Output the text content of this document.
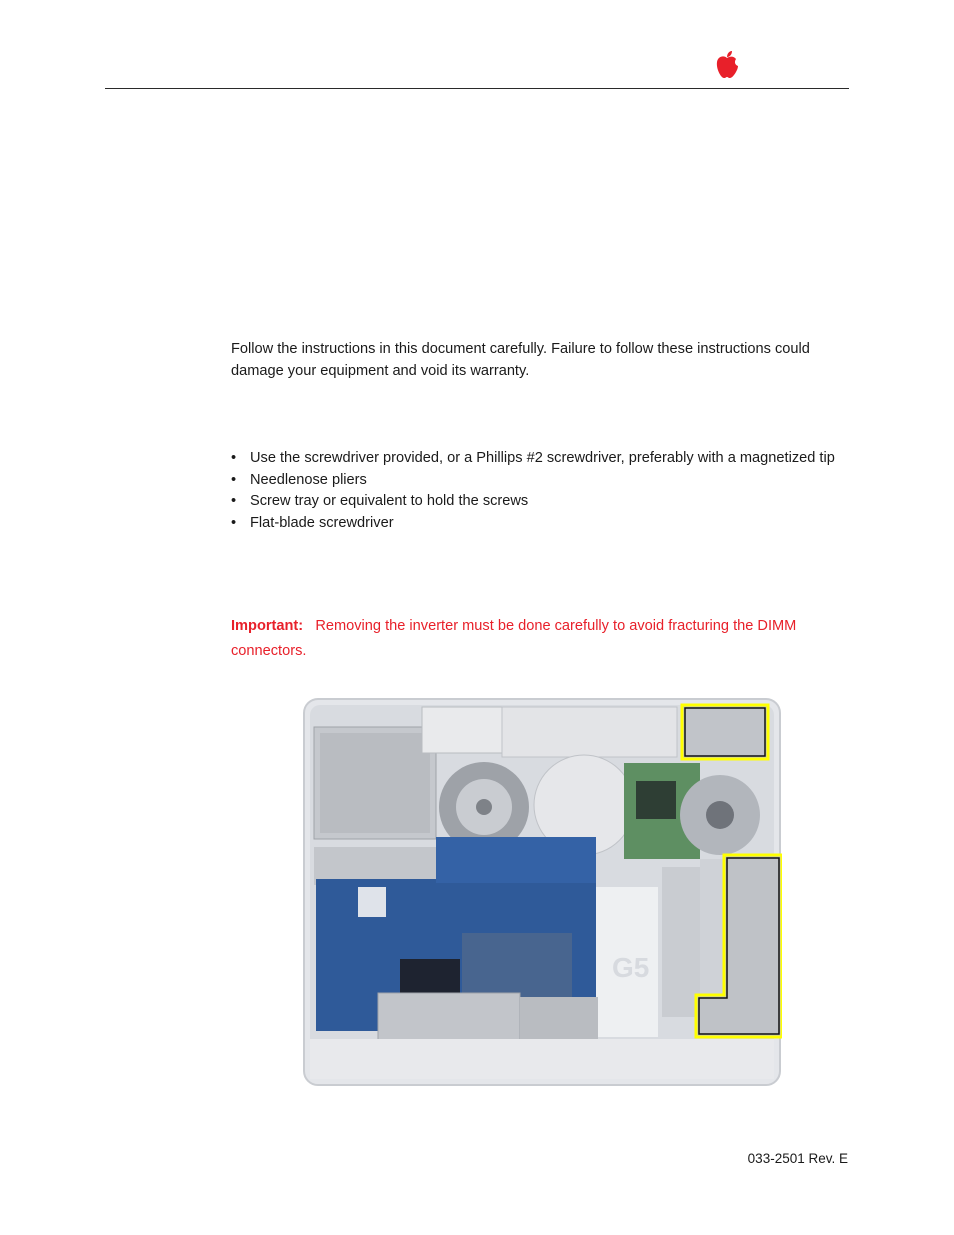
Follow the instructions in this document carefully. Failure to follow these instructions could damage your equipment and void its warranty.

• Use the screwdriver provided, or a Phillips #2 screwdriver, preferably with a magnetized tip
• Needlenose pliers
• Screw tray or equivalent to hold the screws
• Flat-blade screwdriver

Important: Removing the inverter must be done carefully to avoid fracturing the DIMM connectors.

G5
033-2501 Rev. E
